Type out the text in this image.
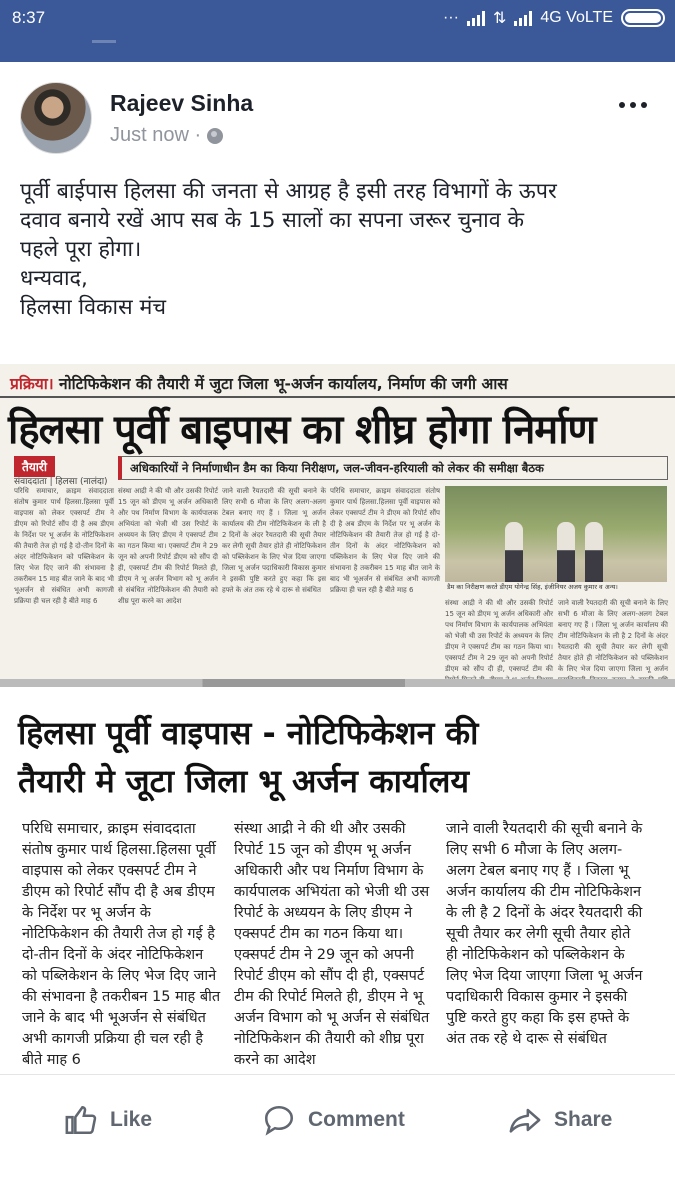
8:37	··· ⇅ 4G VoLTE
Rajeev Sinha
Just now ·

पूर्वी बाईपास हिलसा की जनता से आग्रह है इसी तरह विभागों के ऊपर

दवाव बनाये रखें आप सब के 15 सालों का सपना जरूर चुनाव के

पहले पूरा होगा।

धन्यवाद,

हिलसा विकास मंच

प्रक्रिया। नोटिफिकेशन की तैयारी में जुटा जिला भू-अर्जन कार्यालय, निर्माण की जगी आस
हिलसा पूर्वी बाइपास का शीघ्र होगा निर्माण
तैयारी
संवाददाता | हिलसा (नालंदा)
अधिकारियों ने निर्माणाधीन डैम का किया निरीक्षण, जल-जीवन-हरियाली को लेकर की समीक्षा बैठक
परिधि समाचार, क्राइम संवाददाता संतोष कुमार पार्थ हिलसा.हिलसा पूर्वी वाइपास को लेकर एक्सपर्ट टीम ने डीएम को रिपोर्ट सौंप दी है अब डीएम के निर्देश पर भू अर्जन के नोटिफिकेशन की तैयारी तेज हो गई है दो-तीन दिनों के अंदर नोटिफिकेशन को पब्लिकेशन के लिए भेज दिए जाने की संभावना है तकरीबन 15 माह बीत जाने के बाद भी भूअर्जन से संबंधित अभी कागजी प्रक्रिया ही चल रही है बीते माह 6
संस्था आद्री ने की थी और उसकी रिपोर्ट 15 जून को डीएम भू अर्जन अधिकारी और पथ निर्माण विभाग के कार्यपालक अभियंता को भेजी थी उस रिपोर्ट के अध्ययन के लिए डीएम ने एक्सपर्ट टीम का गठन किया था। एक्सपर्ट टीम ने 29 जून को अपनी रिपोर्ट डीएम को सौंप दी ही, एक्सपर्ट टीम की रिपोर्ट मिलते ही, डीएम ने भू अर्जन विभाग को भू अर्जन से संबंधित नोटिफिकेशन की तैयारी को शीघ्र पूरा करने का आदेश
जाने वाली रैयतदारी की सूची बनाने के लिए सभी 6 मौजा के लिए अलग-अलग टेबल बनाए गए हैं । जिला भू अर्जन कार्यालय की टीम नोटिफिकेशन के ली है 2 दिनों के अंदर रैयतदारी की सूची तैयार कर लेगी सूची तैयार होते ही नोटिफिकेशन को पब्लिकेशन के लिए भेज दिया जाएगा जिला भू अर्जन पदाधिकारी विकास कुमार ने इसकी पुष्टि करते हुए कहा कि इस हफ्ते के अंत तक रहे थे दारू से संबंधित
परिधि समाचार, क्राइम संवाददाता संतोष कुमार पार्थ हिलसा.हिलसा पूर्वी वाइपास को लेकर एक्सपर्ट टीम ने डीएम को रिपोर्ट सौंप दी है अब डीएम के निर्देश पर भू अर्जन के नोटिफिकेशन की तैयारी तेज हो गई है दो-तीन दिनों के अंदर नोटिफिकेशन को पब्लिकेशन के लिए भेज दिए जाने की संभावना है तकरीबन 15 माह बीत जाने के बाद भी भूअर्जन से संबंधित अभी कागजी प्रक्रिया ही चल रही है बीते माह 6	डैम का निरीक्षण करते डीएम योगेन्द्र सिंह, इंजीनियर अजय कुमार व अन्य।
संस्था आद्री ने की थी और उसकी रिपोर्ट 15 जून को डीएम भू अर्जन अधिकारी और पथ निर्माण विभाग के कार्यपालक अभियंता को भेजी थी उस रिपोर्ट के अध्ययन के लिए डीएम ने एक्सपर्ट टीम का गठन किया था। एक्सपर्ट टीम ने 29 जून को अपनी रिपोर्ट डीएम को सौंप दी ही, एक्सपर्ट टीम की
जाने वाली रैयतदारी की सूची बनाने के लिए सभी 6 मौजा के लिए अलग-अलग टेबल बनाए गए हैं । जिला भू अर्जन कार्यालय की टीम नोटिफिकेशन के ली है 2 दिनों के अंदर रैयतदारी की सूची तैयार कर लेगी सूची तैयार होते ही नोटिफिकेशन को पब्लिकेशन के लिए भेज दिया जाएगा जिला भू अर्जन

हिलसा पूर्वी वाइपास - नोटिफिकेशन की

तैयारी मे जूटा जिला भू अर्जन कार्यालय

परिधि समाचार, क्राइम संवाददाता संतोष कुमार पार्थ हिलसा.हिलसा पूर्वी वाइपास को लेकर एक्सपर्ट टीम ने डीएम को रिपोर्ट सौंप दी है अब डीएम के निर्देश पर भू अर्जन के नोटिफिकेशन की तैयारी तेज हो गई है दो-तीन दिनों के अंदर नोटिफिकेशन को पब्लिकेशन के लिए भेज दिए जाने की संभावना है तकरीबन 15 माह बीत जाने के बाद भी भूअर्जन से संबंधित अभी कागजी प्रक्रिया ही चल रही है बीते माह 6
संस्था आद्री ने की थी और उसकी रिपोर्ट 15 जून को डीएम भू अर्जन अधिकारी और पथ निर्माण विभाग के कार्यपालक अभियंता को भेजी थी उस रिपोर्ट के अध्ययन के लिए डीएम ने एक्सपर्ट टीम का गठन किया था। एक्सपर्ट टीम ने 29 जून को अपनी रिपोर्ट डीएम को सौंप दी ही, एक्सपर्ट टीम की रिपोर्ट मिलते ही, डीएम ने भू अर्जन विभाग को भू अर्जन से संबंधित नोटिफिकेशन की तैयारी को शीघ्र पूरा करने का आदेश
जाने वाली रैयतदारी की सूची बनाने के लिए सभी 6 मौजा के लिए अलग-अलग टेबल बनाए गए हैं । जिला भू अर्जन कार्यालय की टीम नोटिफिकेशन के ली है 2 दिनों के अंदर रैयतदारी की सूची तैयार कर लेगी सूची तैयार होते ही नोटिफिकेशन को पब्लिकेशन के लिए भेज दिया जाएगा जिला भू अर्जन पदाधिकारी विकास कुमार ने इसकी पुष्टि करते हुए कहा कि इस हफ्ते के अंत तक रहे थे दारू से संबंधित
Like	Comment	Share
